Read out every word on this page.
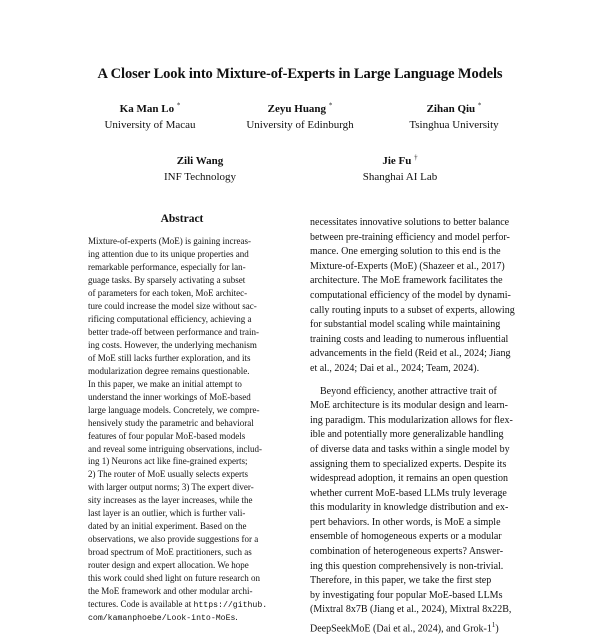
A Closer Look into Mixture-of-Experts in Large Language Models
Ka Man Lo *
University of Macau
Zeyu Huang *
University of Edinburgh
Zihan Qiu *
Tsinghua University
Zili Wang
INF Technology
Jie Fu †
Shanghai AI Lab
Abstract
Mixture-of-experts (MoE) is gaining increas-
ing attention due to its unique properties and
remarkable performance, especially for lan-
guage tasks. By sparsely activating a subset
of parameters for each token, MoE architec-
ture could increase the model size without sac-
rificing computational efficiency, achieving a
better trade-off between performance and train-
ing costs. However, the underlying mechanism
of MoE still lacks further exploration, and its
modularization degree remains questionable.
In this paper, we make an initial attempt to
understand the inner workings of MoE-based
large language models. Concretely, we compre-
hensively study the parametric and behavioral
features of four popular MoE-based models
and reveal some intriguing observations, includ-
ing 1) Neurons act like fine-grained experts;
2) The router of MoE usually selects experts
with larger output norms; 3) The expert diver-
sity increases as the layer increases, while the
last layer is an outlier, which is further vali-
dated by an initial experiment. Based on the
observations, we also provide suggestions for a
broad spectrum of MoE practitioners, such as
router design and expert allocation. We hope
this work could shed light on future research on
the MoE framework and other modular archi-
tectures. Code is available at https://github.
com/kamanphoebe/Look-into-MoEs.
necessitates innovative solutions to better balance
between pre-training efficiency and model perfor-
mance. One emerging solution to this end is the
Mixture-of-Experts (MoE) (Shazeer et al., 2017)
architecture. The MoE framework facilitates the
computational efficiency of the model by dynami-
cally routing inputs to a subset of experts, allowing
for substantial model scaling while maintaining
training costs and leading to numerous influential
advancements in the field (Reid et al., 2024; Jiang
et al., 2024; Dai et al., 2024; Team, 2024).
Beyond efficiency, another attractive trait of
MoE architecture is its modular design and learn-
ing paradigm. This modularization allows for flex-
ible and potentially more generalizable handling
of diverse data and tasks within a single model by
assigning them to specialized experts. Despite its
widespread adoption, it remains an open question
whether current MoE-based LLMs truly leverage
this modularity in knowledge distribution and ex-
pert behaviors. In other words, is MoE a simple
ensemble of homogeneous experts or a modular
combination of heterogeneous experts? Answer-
ing this question comprehensively is non-trivial.
Therefore, in this paper, we take the first step
by investigating four popular MoE-based LLMs
(Mixtral 8x7B (Jiang et al., 2024), Mixtral 8x22B,
DeepSeekMoE (Dai et al., 2024), and Grok-$1^1$)
